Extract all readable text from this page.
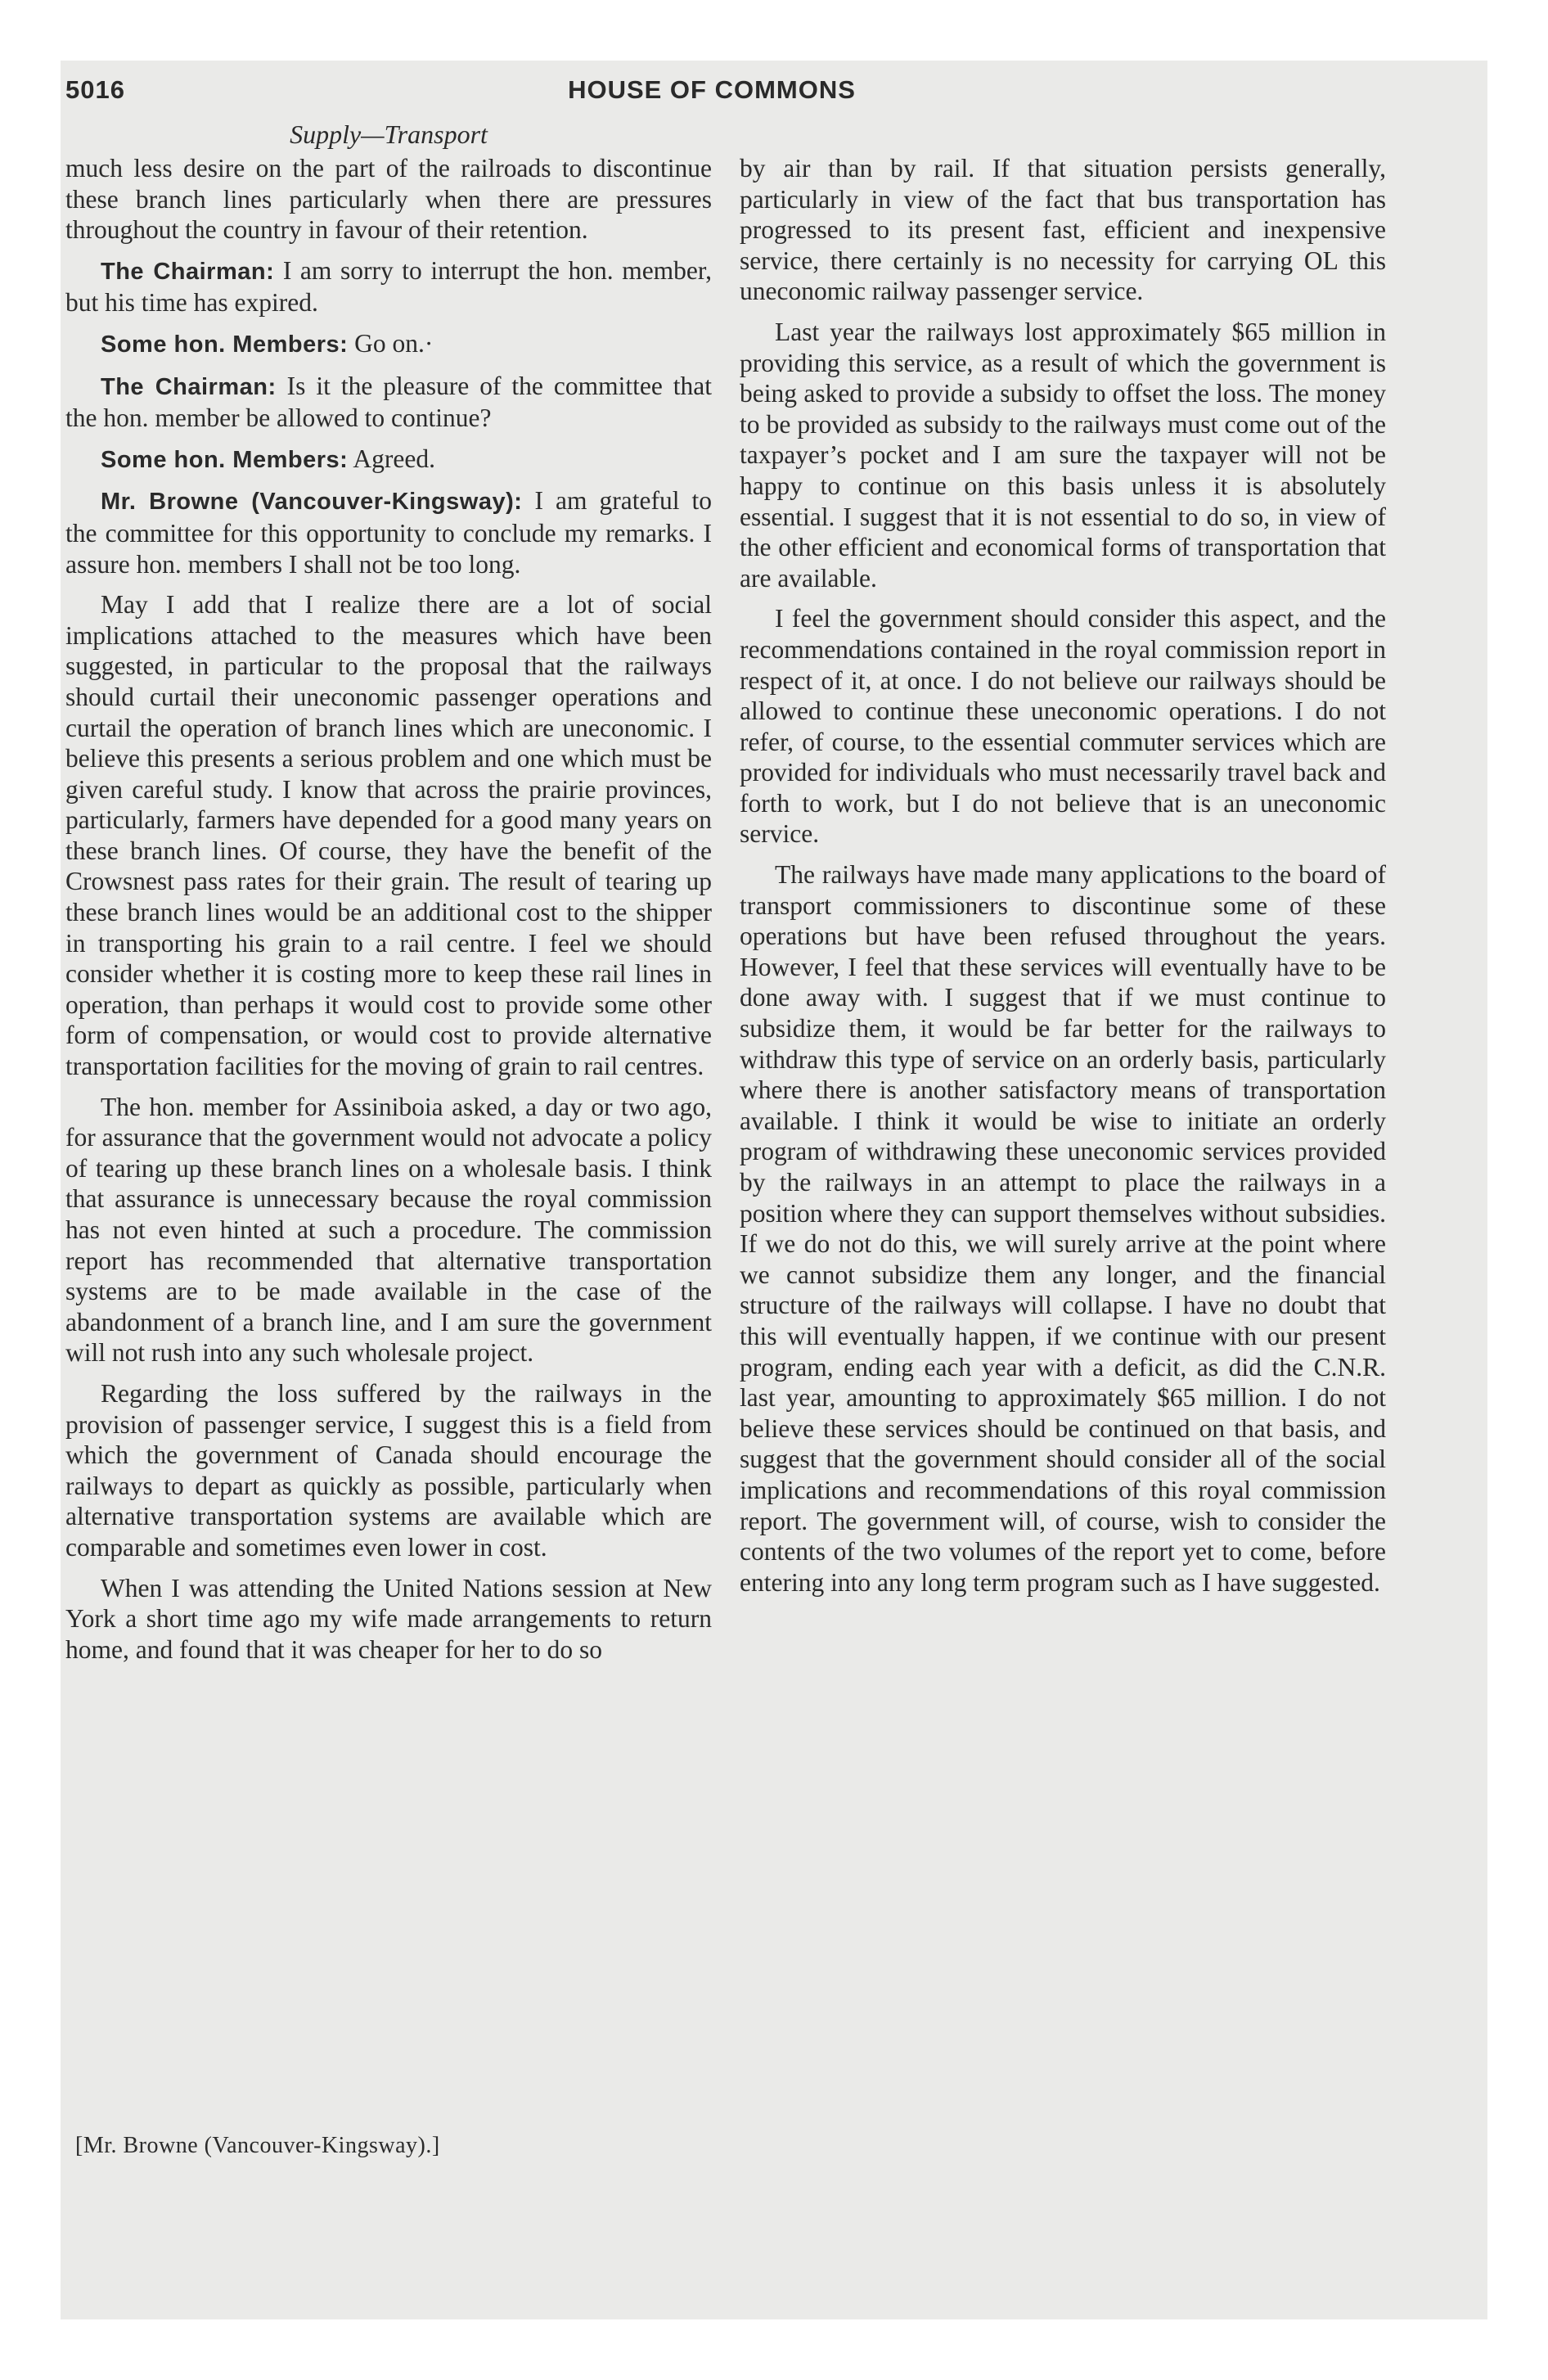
5016	HOUSE OF COMMONS
Supply—Transport

much less desire on the part of the railroads to discontinue these branch lines particularly when there are pressures throughout the country in favour of their retention.

The Chairman: I am sorry to interrupt the hon. member, but his time has expired.

Some hon. Members: Go on.·

The Chairman: Is it the pleasure of the committee that the hon. member be allowed to continue?

Some hon. Members: Agreed.

Mr. Browne (Vancouver-Kingsway): I am grateful to the committee for this opportunity to conclude my remarks. I assure hon. members I shall not be too long.

May I add that I realize there are a lot of social implications attached to the measures which have been suggested, in particular to the proposal that the railways should curtail their uneconomic passenger operations and curtail the operation of branch lines which are uneconomic. I believe this presents a serious problem and one which must be given careful study. I know that across the prairie provinces, particularly, farmers have depended for a good many years on these branch lines. Of course, they have the benefit of the Crowsnest pass rates for their grain. The result of tearing up these branch lines would be an additional cost to the shipper in transporting his grain to a rail centre. I feel we should consider whether it is costing more to keep these rail lines in operation, than perhaps it would cost to provide some other form of compensation, or would cost to provide alternative transportation facilities for the moving of grain to rail centres.

The hon. member for Assiniboia asked, a day or two ago, for assurance that the government would not advocate a policy of tearing up these branch lines on a wholesale basis. I think that assurance is unnecessary because the royal commission has not even hinted at such a procedure. The commission report has recommended that alternative transportation systems are to be made available in the case of the abandonment of a branch line, and I am sure the government will not rush into any such wholesale project.

Regarding the loss suffered by the railways in the provision of passenger service, I suggest this is a field from which the government of Canada should encourage the railways to depart as quickly as possible, particularly when alternative transportation systems are available which are comparable and sometimes even lower in cost.

When I was attending the United Nations session at New York a short time ago my wife made arrangements to return home, and found that it was cheaper for her to do so

by air than by rail. If that situation persists generally, particularly in view of the fact that bus transportation has progressed to its present fast, efficient and inexpensive service, there certainly is no necessity for carrying OL this uneconomic railway passenger service.

Last year the railways lost approximately $65 million in providing this service, as a result of which the government is being asked to provide a subsidy to offset the loss. The money to be provided as subsidy to the railways must come out of the taxpayer’s pocket and I am sure the taxpayer will not be happy to continue on this basis unless it is absolutely essential. I suggest that it is not essential to do so, in view of the other efficient and economical forms of transportation that are available.

I feel the government should consider this aspect, and the recommendations contained in the royal commission report in respect of it, at once. I do not believe our railways should be allowed to continue these uneconomic operations. I do not refer, of course, to the essential commuter services which are provided for individuals who must necessarily travel back and forth to work, but I do not believe that is an uneconomic service.

The railways have made many applications to the board of transport commissioners to discontinue some of these operations but have been refused throughout the years. However, I feel that these services will eventually have to be done away with. I suggest that if we must continue to subsidize them, it would be far better for the railways to withdraw this type of service on an orderly basis, particularly where there is another satisfactory means of transportation available. I think it would be wise to initiate an orderly program of withdrawing these uneconomic services provided by the railways in an attempt to place the railways in a position where they can support themselves without subsidies. If we do not do this, we will surely arrive at the point where we cannot subsidize them any longer, and the financial structure of the railways will collapse. I have no doubt that this will eventually happen, if we continue with our present program, ending each year with a deficit, as did the C.N.R. last year, amounting to approximately $65 million. I do not believe these services should be continued on that basis, and suggest that the government should consider all of the social implications and recommendations of this royal commission report. The government will, of course, wish to consider the contents of the two volumes of the report yet to come, before entering into any long term program such as I have suggested.

[Mr. Browne (Vancouver-Kingsway).]
